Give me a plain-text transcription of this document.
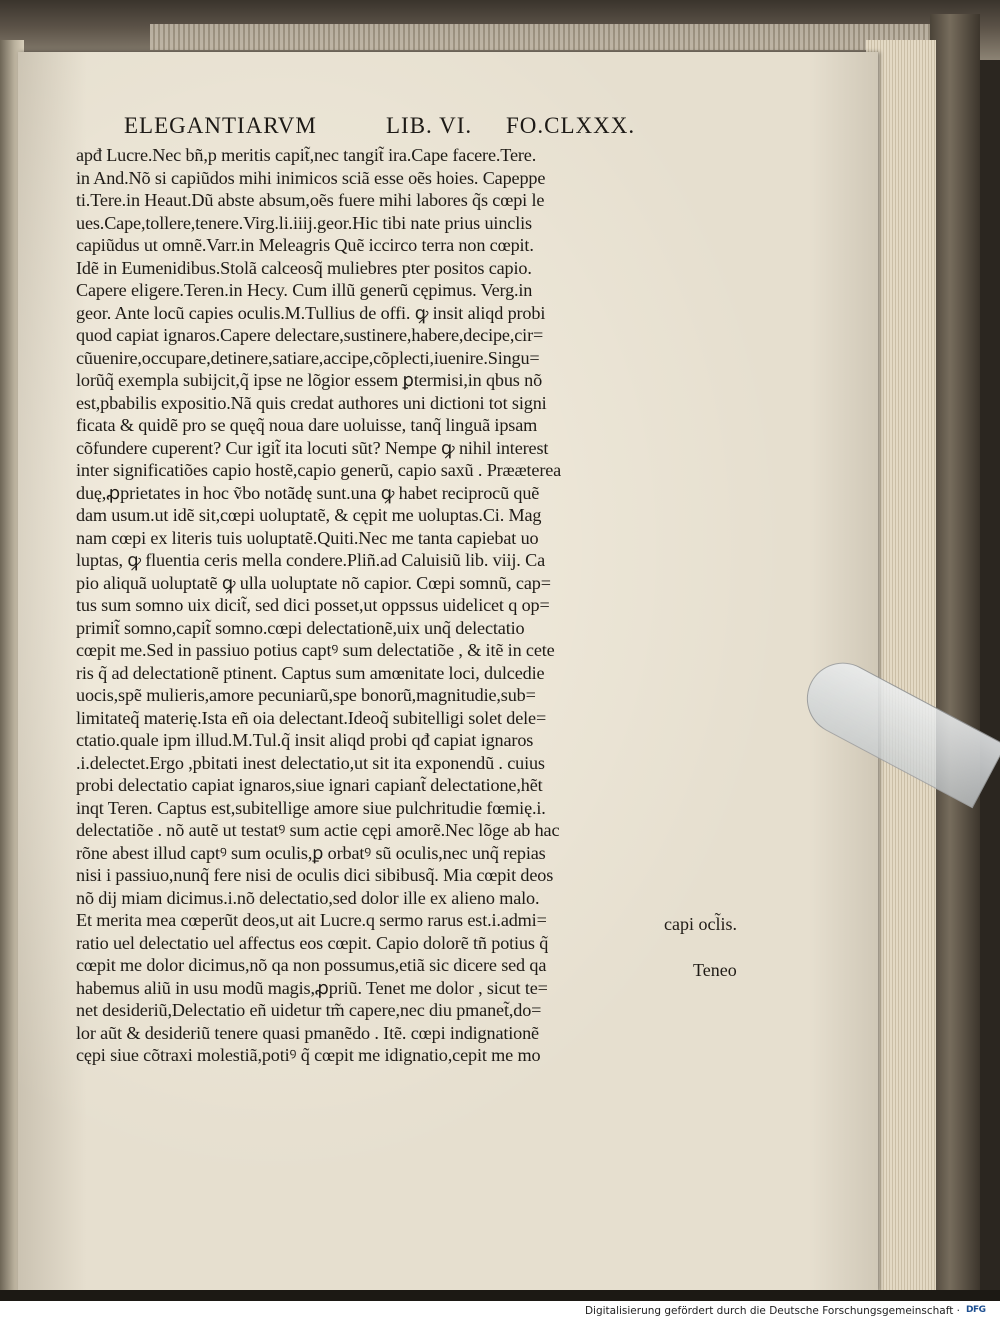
ELEGANTIARVM	LIB. VI. FO.CLXXX.
apđ Lucre.Nec bñ,p meritis capit̃,nec tangit̃ ira.Cape facere.Tere.
in And.Nõ si capiũdos mihi inimicos sciã esse oẽs hoies. Capeppe
ti.Tere.in Heaut.Dũ abste absum,oẽs fuere mihi labores q̃s cœpi le
ues.Cape,tollere,tenere.Virg.li.iiij.geor.Hic tibi nate prius uinclis
capiũdus ut omnẽ.Varr.in Meleagris Quẽ iccirco terra non cœpit.
Idẽ in Eumenidibus.Stolã calceosq̃ muliebres pter positos capio.
Capere eligere.Teren.in Hecy. Cum illũ generũ cępimus. Verg.in
geor. Ante locũ capies oculis.M.Tullius de offi. ꝙ insit aliqd probi
quod capiat ignaros.Capere delectare,sustinere,habere,decipe,cir=
cũuenire,occupare,detinere,satiare,accipe,cõplecti,iuenire.Singu=
lorũq̃ exempla subijcit,q̃ ipse ne lõgior essem ꝑtermisi,in qbus nõ
est,pbabilis expositio.Nã quis credat authores uni dictioni tot signi
ficata & quidẽ pro se quęq̃ noua dare uoluisse, tanq̃ linguã ipsam
cõfundere cuperent? Cur igit̃ ita locuti sũt? Nempe ꝙ nihil interest
inter significatiões capio hostẽ,capio generũ, capio saxũ . Prææterea
duę,ꝓprietates in hoc ṽbo notãdę sunt.una ꝙ habet reciprocũ quẽ
dam usum.ut idẽ sit,cœpi uoluptatẽ, & cępit me uoluptas.Ci. Mag
nam cœpi ex literis tuis uoluptatẽ.Quiti.Nec me tanta capiebat uo
luptas, ꝙ fluentia ceris mella condere.Pliñ.ad Caluisiũ lib. viij. Ca
pio aliquã uoluptatẽ ꝙ ulla uoluptate nõ capior. Cœpi somnũ, cap=
tus sum somno uix dicit̃, sed dici posset,ut oppssus uidelicet q op=
primit̃ somno,capit̃ somno.cœpi delectationẽ,uix unq̃ delectatio
cœpit me.Sed in passiuo potius captꝰ sum delectatiõe , & itẽ in cete
ris q̃ ad delectationẽ ptinent. Captus sum amœnitate loci, dulcedie
uocis,spẽ mulieris,amore pecuniarũ,spe bonorũ,magnitudie,sub=
limitateq̃ materię.Ista eñ oia delectant.Ideoq̃ subitelligi solet dele=
ctatio.quale ipm illud.M.Tul.q̃ insit aliqd probi qđ capiat ignaros
.i.delectet.Ergo ,pbitati inest delectatio,ut sit ita exponendũ . cuius
probi delectatio capiat ignaros,siue ignari capiant̃ delectatione,hẽt
inqt Teren. Captus est,subitellige amore siue pulchritudie fœmię.i.
delectatiõe . nõ autẽ ut testatꝰ sum actie cępi amorẽ.Nec lõge ab hac
rõne abest illud captꝰ sum oculis,ꝑ orbatꝰ sũ oculis,nec unq̃ repias
nisi i passiuo,nunq̃ fere nisi de oculis dici sibibusq̃. Mia cœpit deos
nõ dij miam dicimus.i.nõ delectatio,sed dolor ille ex alieno malo.
Et merita mea cœperũt deos,ut ait Lucre.q sermo rarus est.i.admi=
ratio uel delectatio uel affectus eos cœpit. Capio dolorẽ tñ potius q̃
cœpit me dolor dicimus,nõ qa non possumus,etiã sic dicere sed qa
habemus aliũ in usu modũ magis,ꝓpriũ. Tenet me dolor , sicut te=
net desideriũ,Delectatio eñ uidetur tm̃ capere,nec diu pmanet̃,do=
lor aũt & desideriũ tenere quasi pmanẽdo . Itẽ. cœpi indignationẽ
cępi siue cõtraxi molestiã,potiꝰ q̃ cœpit me idignatio,cepit me mo
capi ocl̃is.
Teneo
Digitalisierung gefördert durch die Deutsche Forschungsgemeinschaft · DFG
